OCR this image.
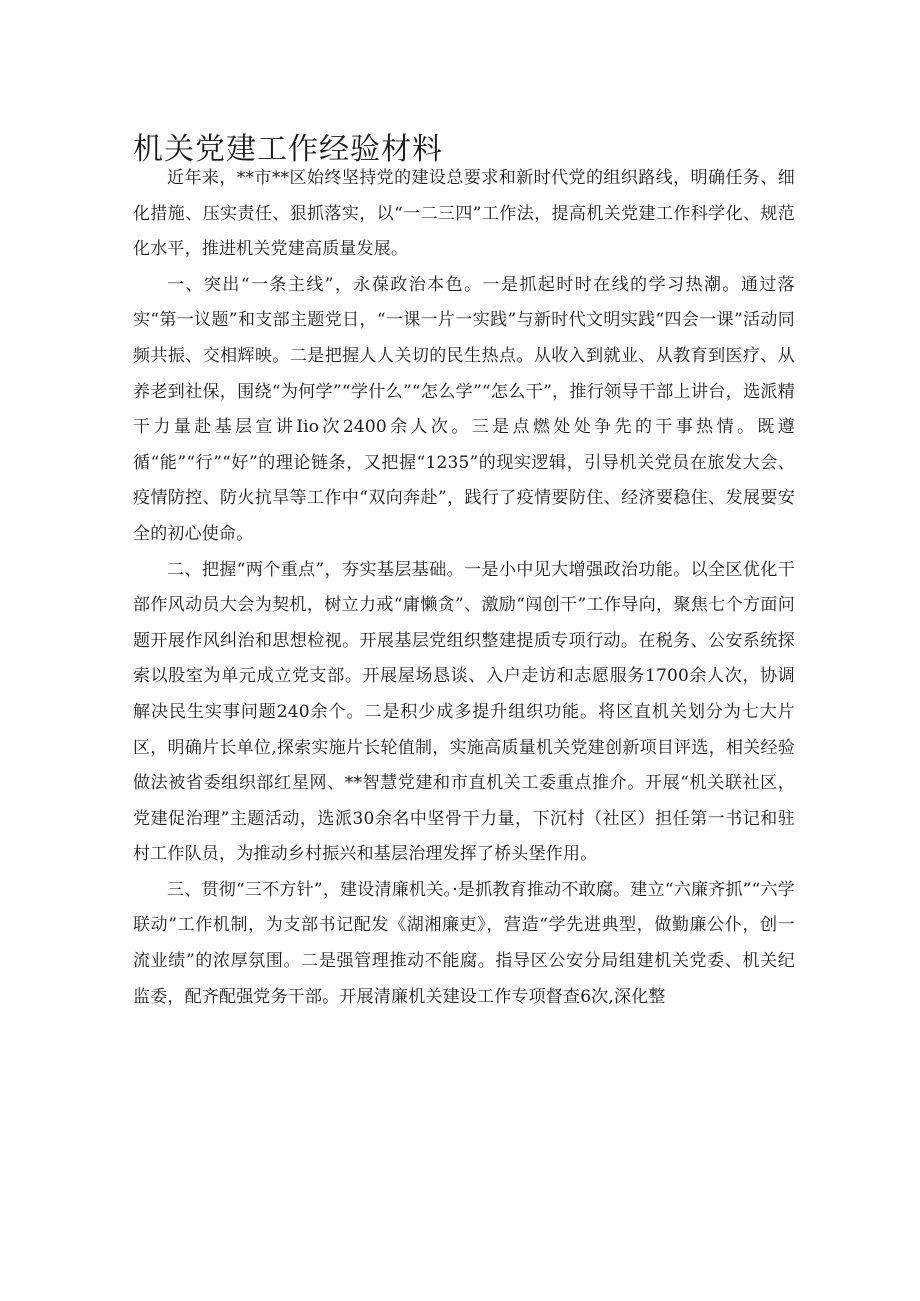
机关党建工作经验材料

近年来，**市**区始终坚持党的建设总要求和新时代党的组织路线，明确任务、细化措施、压实责任、狠抓落实，以“一二三四”工作法，提高机关党建工作科学化、规范化水平，推进机关党建高质量发展。

一、突出“一条主线”，永葆政治本色。一是抓起时时在线的学习热潮。通过落实“第一议题”和支部主题党日，“一课一片一实践”与新时代文明实践“四会一课”活动同频共振、交相辉映。二是把握人人关切的民生热点。从收入到就业、从教育到医疗、从养老到社保，围绕“为何学”“学什么”“怎么学”“怎么干”，推行领导干部上讲台，选派精干力量赴基层宣讲Iio次2400余人次。三是点燃处处争先的干事热情。既遵循“能”“行”“好”的理论链条，又把握“1235”的现实逻辑，引导机关党员在旅发大会、疫情防控、防火抗旱等工作中“双向奔赴”，践行了疫情要防住、经济要稳住、发展要安全的初心使命。

二、把握“两个重点”，夯实基层基础。一是小中见大增强政治功能。以全区优化干部作风动员大会为契机，树立力戒“庸懒贪”、激励“闯创干”工作导向，聚焦七个方面问题开展作风纠治和思想检视。开展基层党组织整建提质专项行动。在税务、公安系统探索以股室为单元成立党支部。开展屋场恳谈、入户走访和志愿服务1700余人次，协调解决民生实事问题240余个。二是积少成多提升组织功能。将区直机关划分为七大片区，明确片长单位,探索实施片长轮值制，实施高质量机关党建创新项目评选，相关经验做法被省委组织部红星网、**智慧党建和市直机关工委重点推介。开展“机关联社区，党建促治理”主题活动，选派30余名中坚骨干力量，下沉村（社区）担任第一书记和驻村工作队员，为推动乡村振兴和基层治理发挥了桥头堡作用。

三、贯彻“三不方针”，建设清廉机关。·是抓教育推动不敢腐。建立“六廉齐抓”“六学联动”工作机制，为支部书记配发《湖湘廉吏》，营造“学先进典型，做勤廉公仆，创一流业绩”的浓厚氛围。二是强管理推动不能腐。指导区公安分局组建机关党委、机关纪监委，配齐配强党务干部。开展清廉机关建设工作专项督查6次,深化整
